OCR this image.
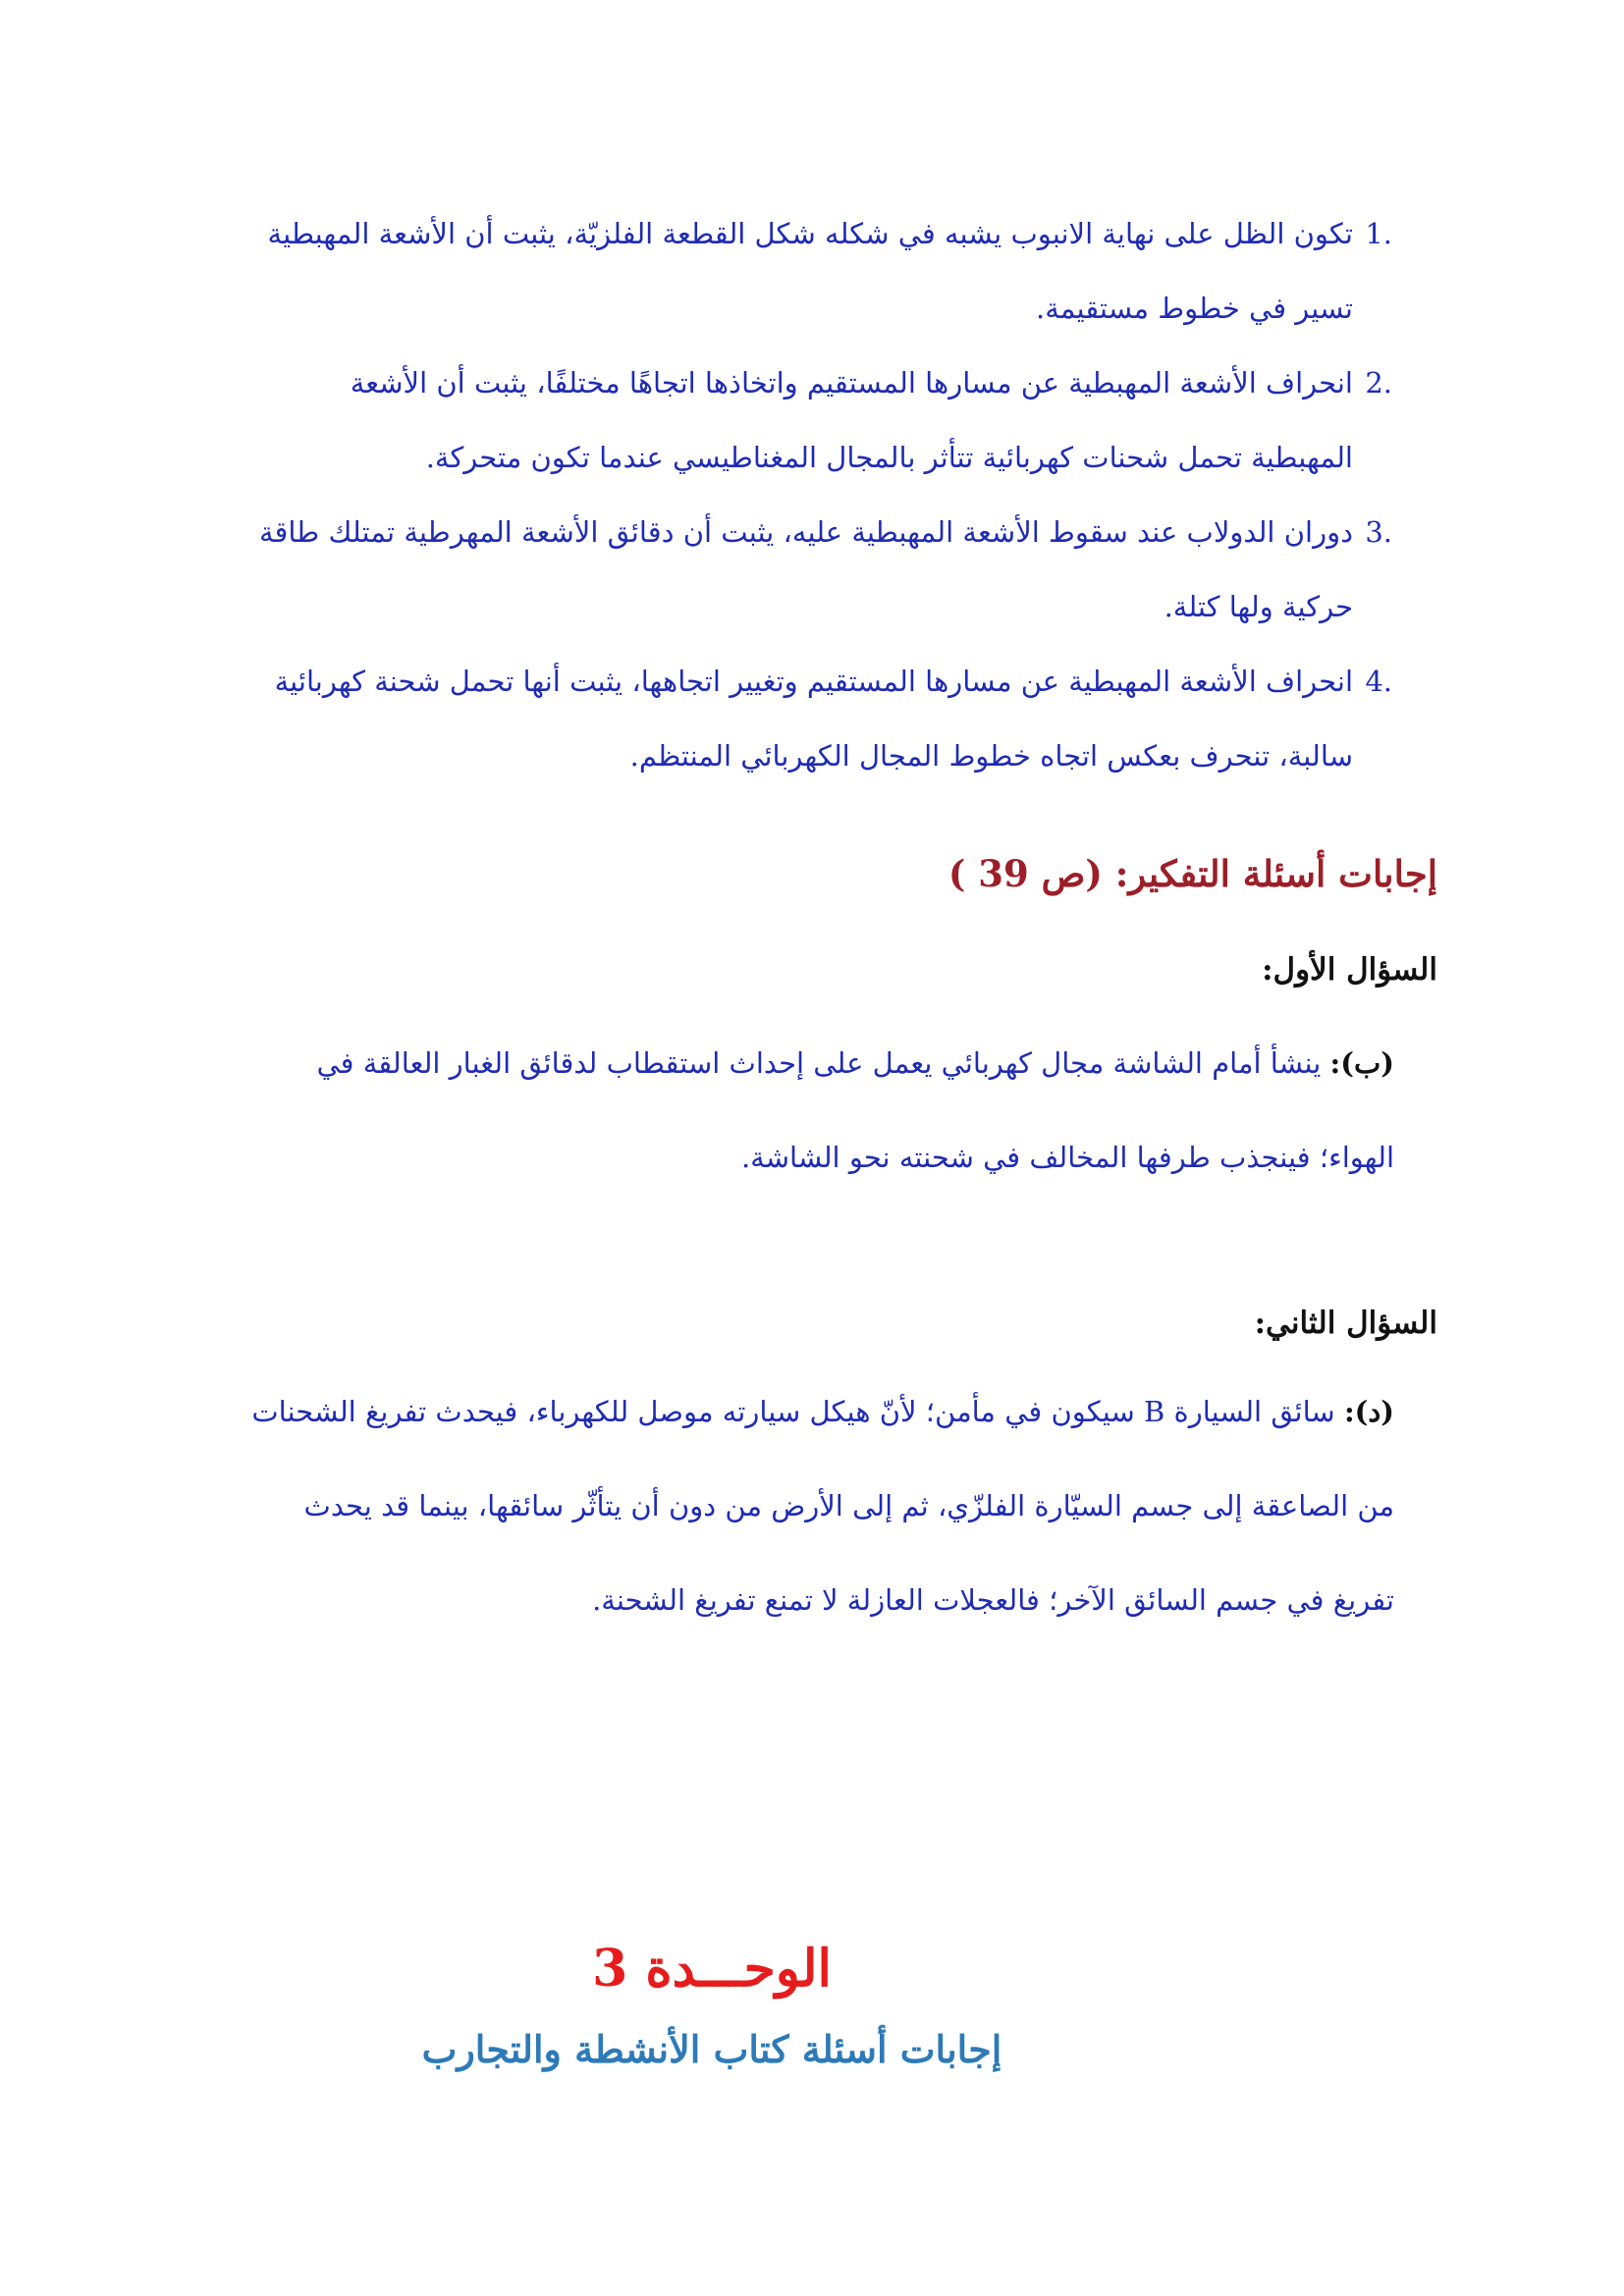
1.

تكون الظل على نهاية الانبوب يشبه في شكله شكل القطعة الفلزيّة، يثبت أن الأشعة المهبطية

تسير في خطوط مستقيمة.

2.

انحراف الأشعة المهبطية عن مسارها المستقيم واتخاذها اتجاهًا مختلفًا، يثبت أن الأشعة

المهبطية تحمل شحنات كهربائية تتأثر بالمجال المغناطيسي عندما تكون متحركة.

3.

دوران الدولاب عند سقوط الأشعة المهبطية عليه، يثبت أن دقائق الأشعة المهرطية تمتلك طاقة

حركية ولها كتلة.

4.

انحراف الأشعة المهبطية عن مسارها المستقيم وتغيير اتجاهها، يثبت أنها تحمل شحنة كهربائية

سالبة، تنحرف بعكس اتجاه خطوط المجال الكهربائي المنتظم.

إجابات أسئلة التفكير: ( ص 39)
السؤال الأول:
(ب): ينشأ أمام الشاشة مجال كهربائي يعمل على إحداث استقطاب لدقائق الغبار العالقة في
الهواء؛ فينجذب طرفها المخالف في شحنته نحو الشاشة.
السؤال الثاني:
(د): سائق السيارة B سيكون في مأمن؛ لأنّ هيكل سيارته موصل للكهرباء، فيحدث تفريغ الشحنات
من الصاعقة إلى جسم السيّارة الفلزّي، ثم إلى الأرض من دون أن يتأثّر سائقها، بينما قد يحدث
تفريغ في جسم السائق الآخر؛ فالعجلات العازلة لا تمنع تفريغ الشحنة.
الوحـــدة 3
إجابات أسئلة كتاب الأنشطة والتجارب
